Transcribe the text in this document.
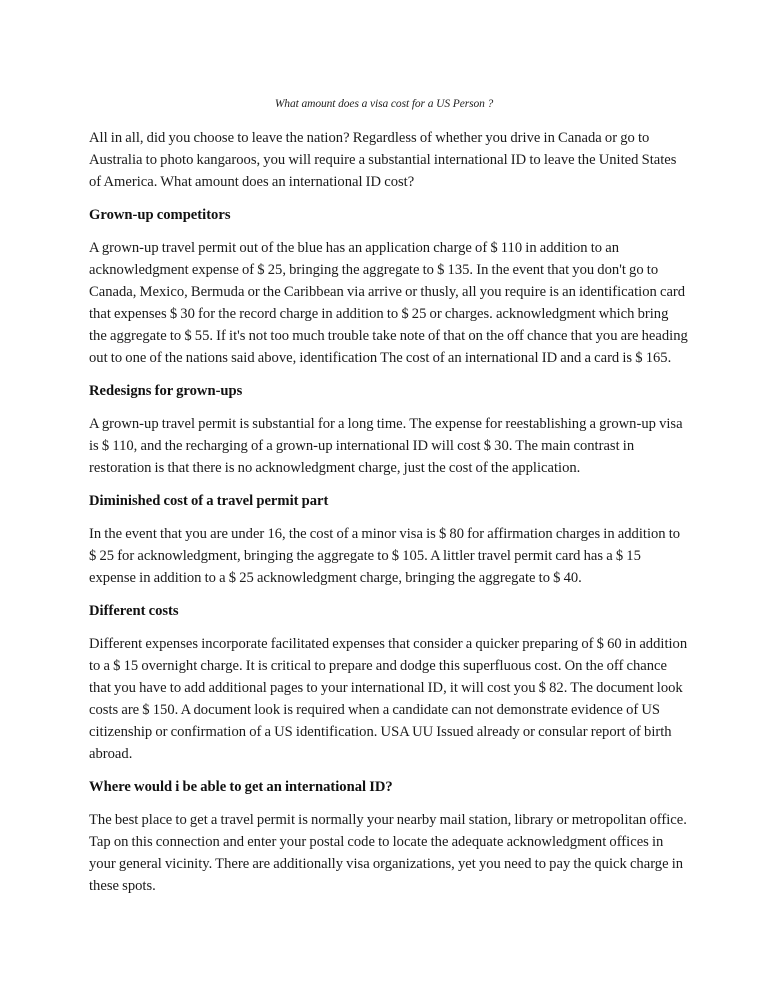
What amount does a visa cost for a US Person ?

All in all, did you choose to leave the nation? Regardless of whether you drive in Canada or go to Australia to photo kangaroos, you will require a substantial international ID to leave the United States of America. What amount does an international ID cost?

Grown-up competitors

A grown-up travel permit out of the blue has an application charge of $ 110 in addition to an acknowledgment expense of $ 25, bringing the aggregate to $ 135. In the event that you don't go to Canada, Mexico, Bermuda or the Caribbean via arrive or thusly, all you require is an identification card that expenses $ 30 for the record charge in addition to $ 25 or charges. acknowledgment which bring the aggregate to $ 55. If it's not too much trouble take note of that on the off chance that you are heading out to one of the nations said above, identification The cost of an international ID and a card is $ 165.

Redesigns for grown-ups

A grown-up travel permit is substantial for a long time. The expense for reestablishing a grown-up visa is $ 110, and the recharging of a grown-up international ID will cost $ 30. The main contrast in restoration is that there is no acknowledgment charge, just the cost of the application.

Diminished cost of a travel permit part

In the event that you are under 16, the cost of a minor visa is $ 80 for affirmation charges in addition to $ 25 for acknowledgment, bringing the aggregate to $ 105. A littler travel permit card has a $ 15 expense in addition to a $ 25 acknowledgment charge, bringing the aggregate to $ 40.

Different costs

Different expenses incorporate facilitated expenses that consider a quicker preparing of $ 60 in addition to a $ 15 overnight charge. It is critical to prepare and dodge this superfluous cost. On the off chance that you have to add additional pages to your international ID, it will cost you $ 82. The document look costs are $ 150. A document look is required when a candidate can not demonstrate evidence of US citizenship or confirmation of a US identification. USA UU Issued already or consular report of birth abroad.

Where would i be able to get an international ID?

The best place to get a travel permit is normally your nearby mail station, library or metropolitan office. Tap on this connection and enter your postal code to locate the adequate acknowledgment offices in your general vicinity. There are additionally visa organizations, yet you need to pay the quick charge in these spots.
